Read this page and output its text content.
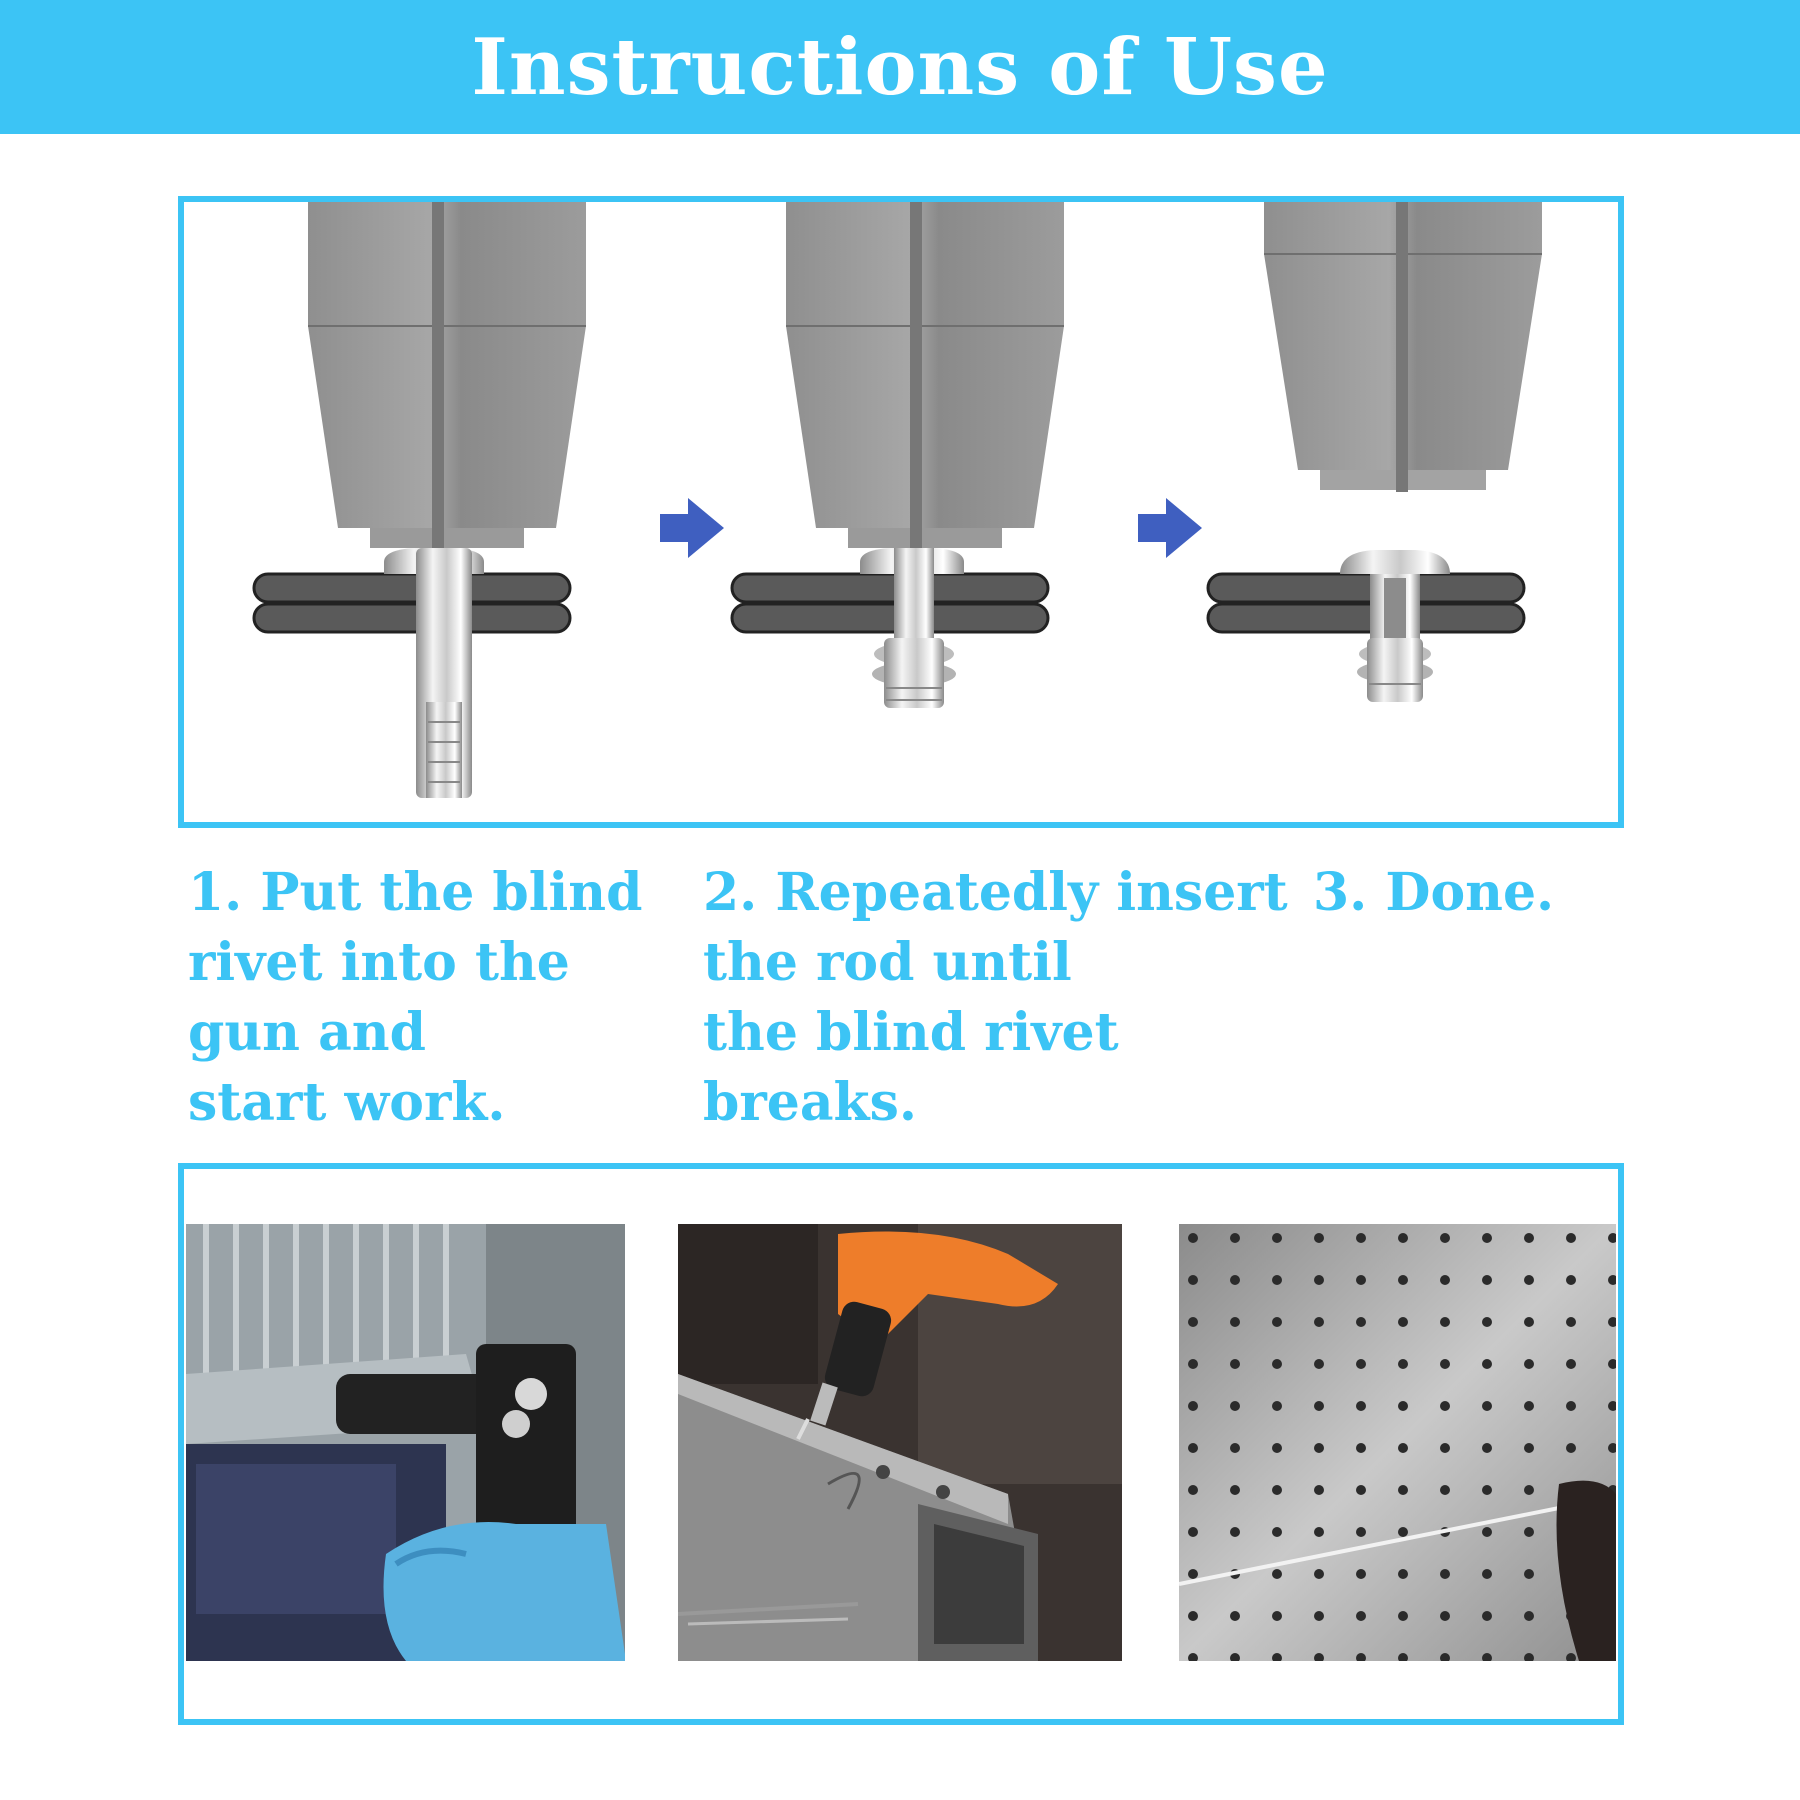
Instructions of Use
1. Put the blind
rivet into the
gun and
start work.
2. Repeatedly insert
the rod until
the blind rivet
breaks.
3. Done.
